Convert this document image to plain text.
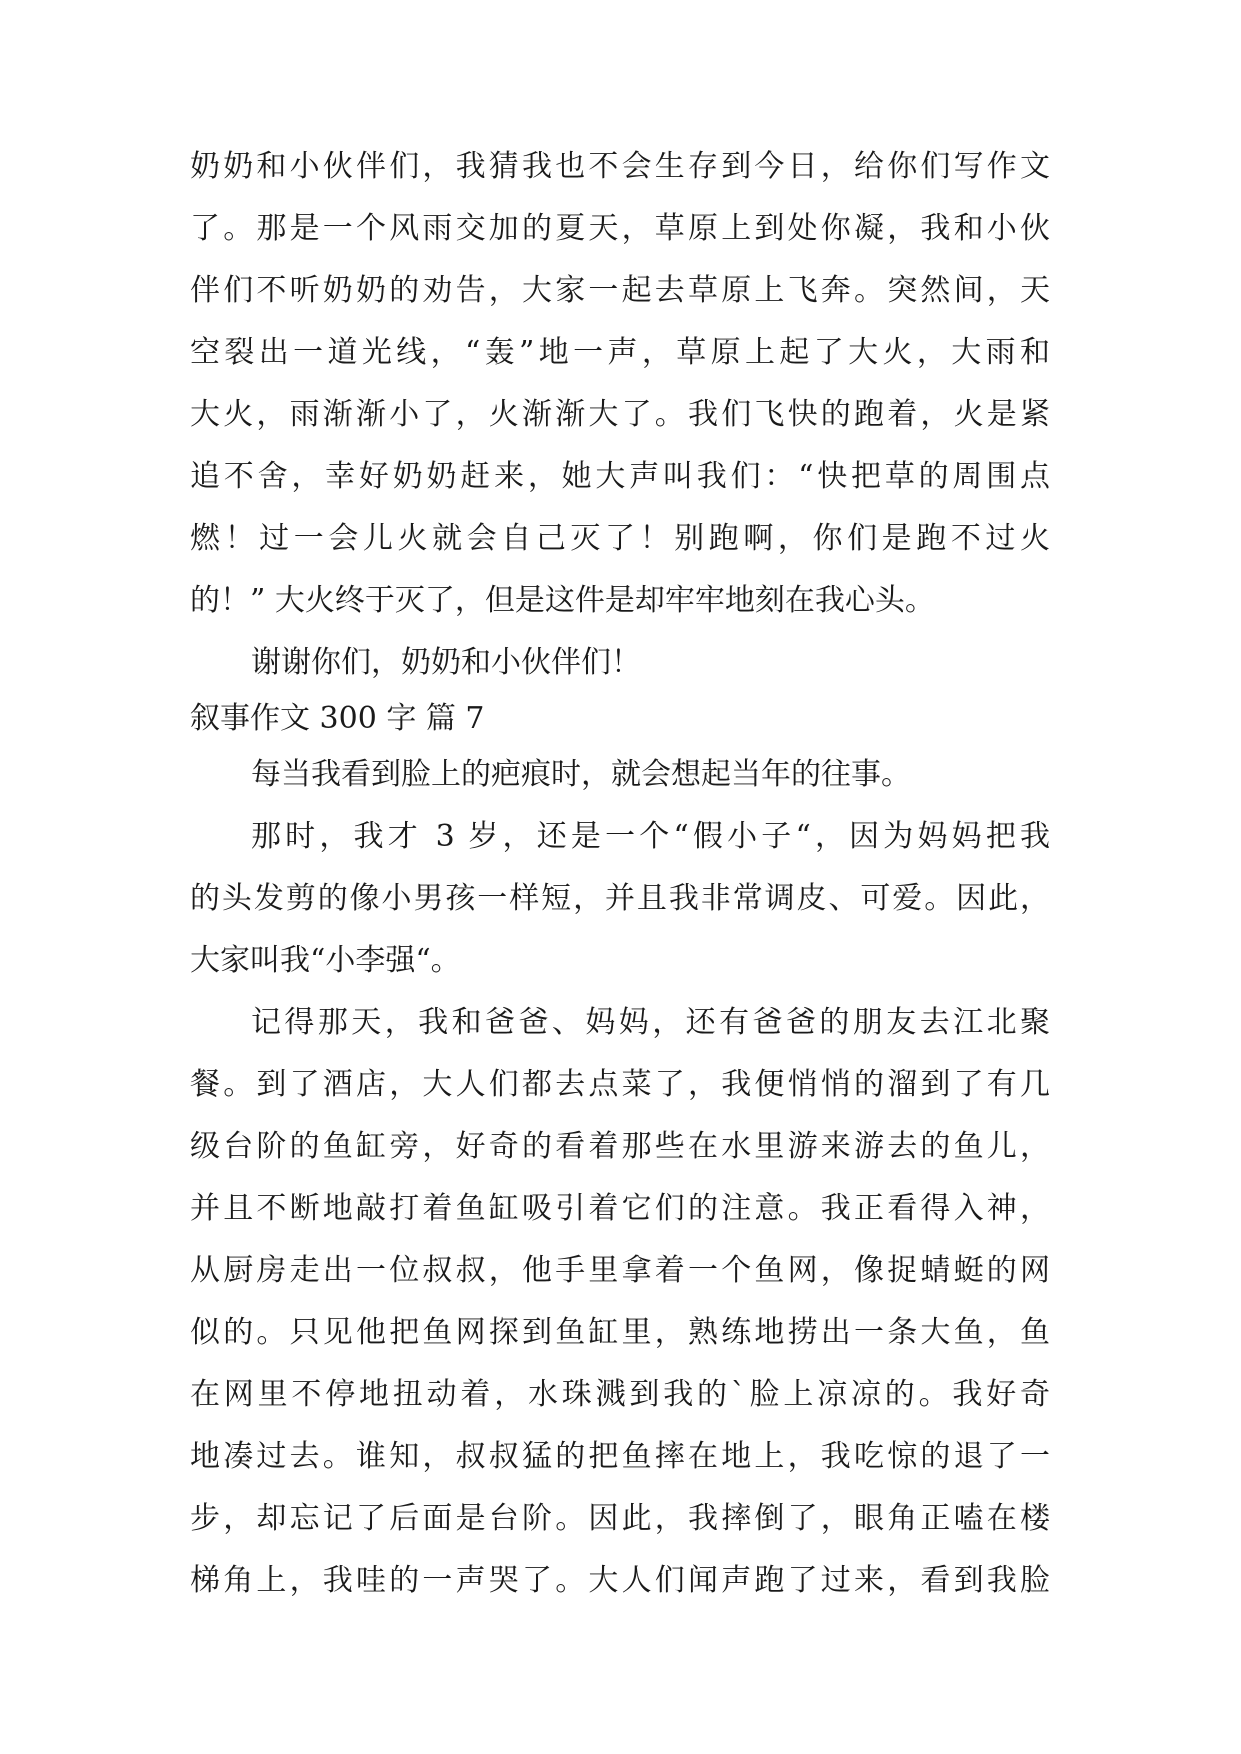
奶奶和小伙伴们，我猜我也不会生存到今日，给你们写作文
了。那是一个风雨交加的夏天，草原上到处你凝，我和小伙
伴们不听奶奶的劝告，大家一起去草原上飞奔。突然间，天
空裂出一道光线，“轰”地一声，草原上起了大火，大雨和
大火，雨渐渐小了，火渐渐大了。我们飞快的跑着，火是紧
追不舍，幸好奶奶赶来，她大声叫我们：“快把草的周围点
燃！过一会儿火就会自己灭了！别跑啊，你们是跑不过火
的！” 大火终于灭了，但是这件是却牢牢地刻在我心头。
谢谢你们，奶奶和小伙伴们！
叙事作文 300 字 篇 7
每当我看到脸上的疤痕时，就会想起当年的往事。
那时，我才 3 岁，还是一个“假小子“，因为妈妈把我
的头发剪的像小男孩一样短，并且我非常调皮、可爱。因此，
大家叫我“小李强“。
记得那天，我和爸爸、妈妈，还有爸爸的朋友去江北聚
餐。到了酒店，大人们都去点菜了，我便悄悄的溜到了有几
级台阶的鱼缸旁，好奇的看着那些在水里游来游去的鱼儿，
并且不断地敲打着鱼缸吸引着它们的注意。我正看得入神，
从厨房走出一位叔叔，他手里拿着一个鱼网，像捉蜻蜓的网
似的。只见他把鱼网探到鱼缸里，熟练地捞出一条大鱼，鱼
在网里不停地扭动着，水珠溅到我的`脸上凉凉的。我好奇
地凑过去。谁知，叔叔猛的把鱼摔在地上，我吃惊的退了一
步，却忘记了后面是台阶。因此，我摔倒了，眼角正嗑在楼
梯角上，我哇的一声哭了。大人们闻声跑了过来，看到我脸
